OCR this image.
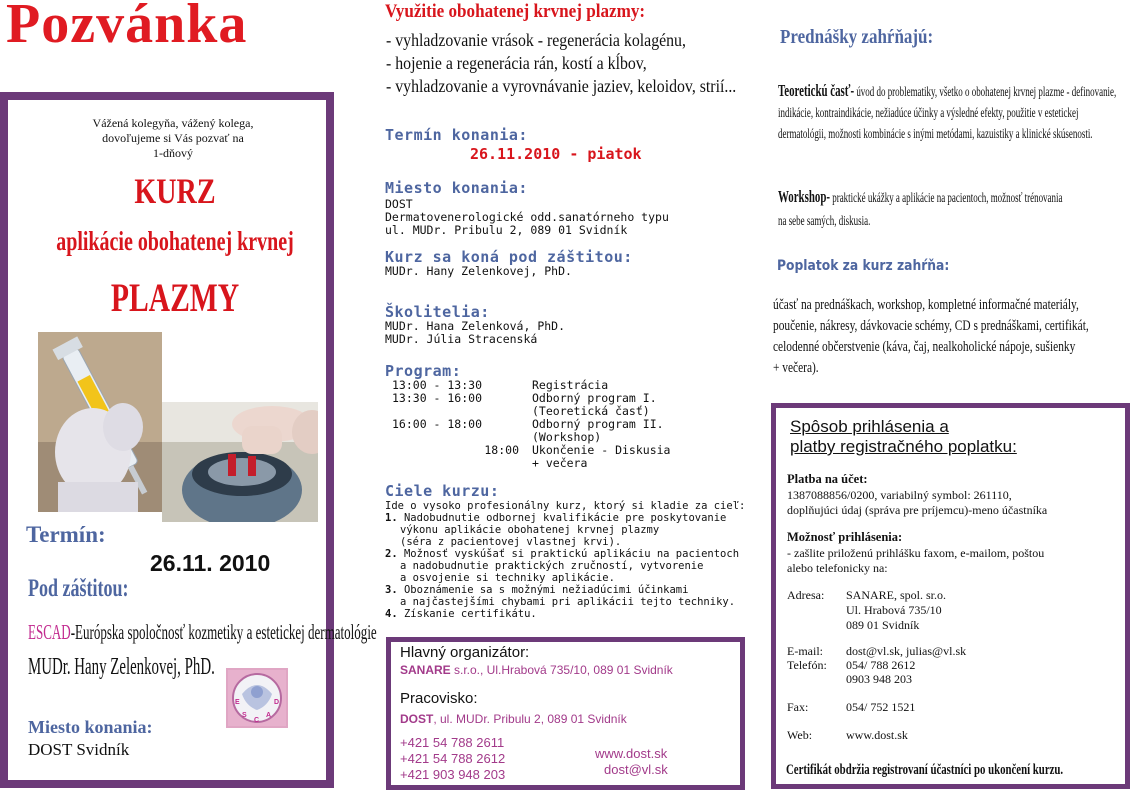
Pozvánka
Vážená kolegyňa, vážený kolega,
dovoľujeme si Vás pozvať na
1-dňový
KURZ
aplikácie obohatenej krvnej
PLAZMY
Termín:
26.11. 2010
Pod záštitou:
ESCAD-Európska spoločnosť kozmetiky a estetickej dermatológie
MUDr. Hany Zelenkovej, PhD.
E
S
C
A
D
Miesto konania:
DOST Svidník
Využitie obohatenej krvnej plazmy:
- vyhladzovanie vrások - regenerácia kolagénu,
- hojenie a regenerácia rán, kostí a kĺbov,
- vyhladzovanie a vyrovnávanie jaziev, keloidov, strií...
Termín konania:
26.11.2010 - piatok
Miesto konania:
DOST
Dermatovenerologické odd.sanatórneho typu
ul. MUDr. Pribulu 2, 089 01 Svidník
Kurz sa koná pod záštitou:
MUDr. Hany Zelenkovej, PhD.
Školitelia:
MUDr. Hana Zelenková, PhD.
MUDr. Júlia Stracenská
Program:
13:00 - 13:30	Registrácia
13:30 - 16:00	Odborný program I.
(Teoretická časť)
16:00 - 18:00	Odborný program II.
(Workshop)
18:00 Ukončenie - Diskusia
+ večera
Ciele kurzu:
Ide o vysoko profesionálny kurz, ktorý si kladie za cieľ:
1. Nadobudnutie odbornej kvalifikácie pre poskytovanie
výkonu aplikácie obohatenej krvnej plazmy
(séra z pacientovej vlastnej krvi).
2. Možnosť vyskúšať si praktickú aplikáciu na pacientoch
a nadobudnutie praktických zručností, vytvorenie
a osvojenie si techniky aplikácie.
3. Oboznámenie sa s možnými nežiadúcimi účinkami
a najčastejšími chybami pri aplikácii tejto techniky.
4. Získanie certifikátu.
Hlavný organizátor:
SANARE s.r.o., Ul.Hrabová 735/10, 089 01 Svidník
Pracovisko:
DOST, ul. MUDr. Pribulu 2, 089 01 Svidník
+421 54 788 2611
+421 54 788 2612
+421 903 948 203
www.dost.sk
dost@vl.sk
Prednášky zahŕňajú:
Teoretickú časť- úvod do problematiky, všetko o obohatenej krvnej plazme - definovanie,
indikácie, kontraindikácie, nežiadúce účinky a výsledné efekty, použitie v estetickej
dermatológii, možnosti kombinácie s inými metódami, kazuistiky a klinické skúsenosti.
Workshop- praktické ukážky a aplikácie na pacientoch, možnosť trénovania
na sebe samých, diskusia.
Poplatok za kurz zahŕňa:
účasť na prednáškach, workshop, kompletné informačné materiály,
poučenie, nákresy, dávkovacie schémy, CD s prednáškami, certifikát,
celodenné občerstvenie (káva, čaj, nealkoholické nápoje, sušienky
+ večera).
Spôsob prihlásenia a
platby registračného poplatku:
Platba na účet:
1387088856/0200, variabilný symbol: 261110,
doplňujúci údaj (správa pre príjemcu)-meno účastníka
Možnosť prihlásenia:
- zašlite priloženú prihlášku faxom, e-mailom, poštou
alebo telefonicky na:
Adresa: SANARE, spol. sr.o.
Ul. Hrabová 735/10
089 01 Svidník
E-mail: dost@vl.sk, julias@vl.sk
Telefón: 054/ 788 2612
0903 948 203
Fax:	054/ 752 1521
Web:	www.dost.sk
Certifikát obdržia registrovaní účastníci po ukončení kurzu.
